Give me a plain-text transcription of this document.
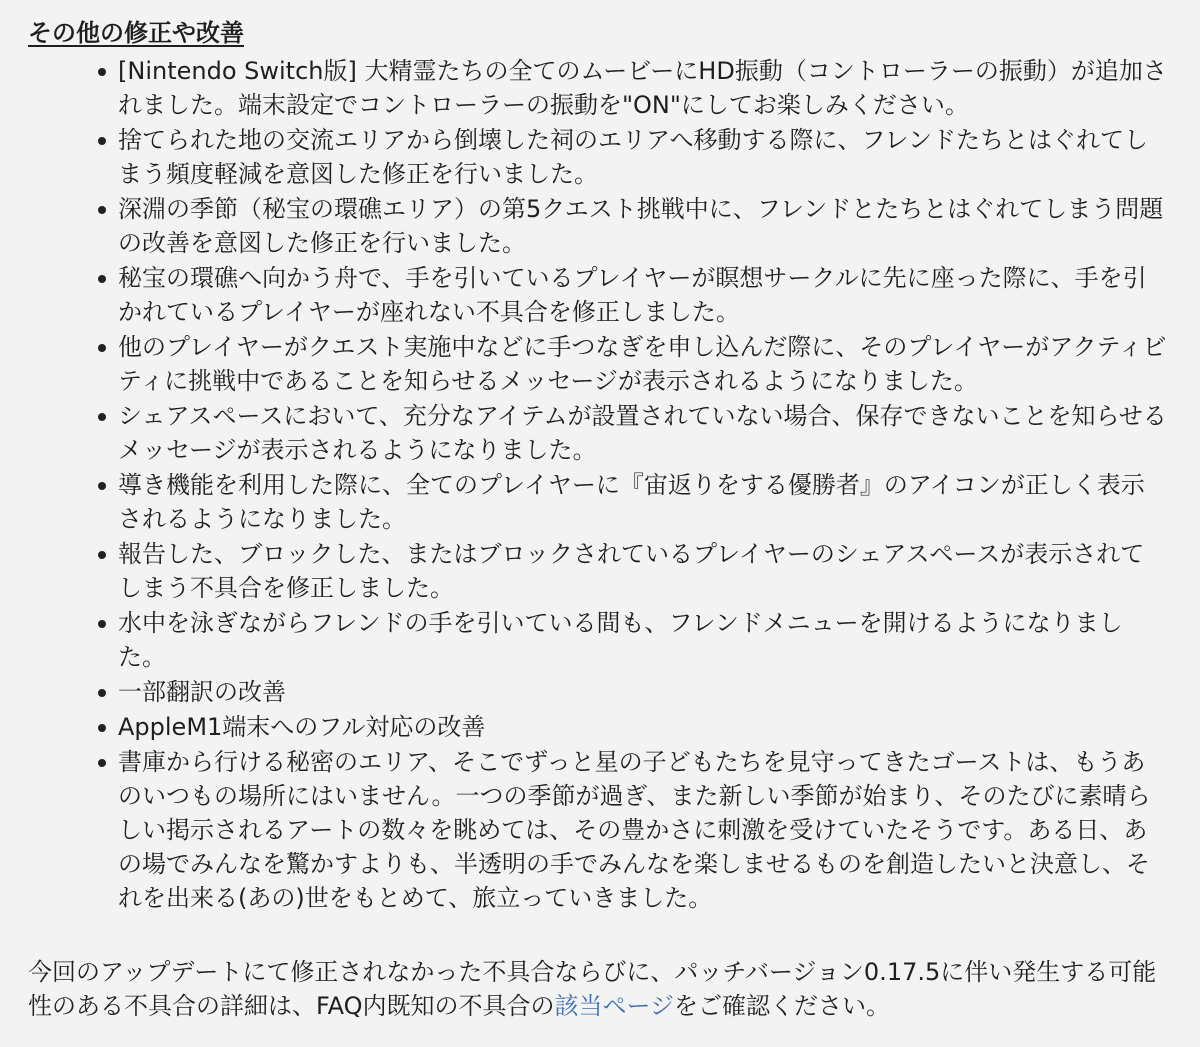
その他の修正や改善
[Nintendo Switch版] 大精霊たちの全てのムービーにHD振動（コントローラーの振動）が追加されました。端末設定でコントローラーの振動を"ON"にしてお楽しみください。
捨てられた地の交流エリアから倒壊した祠のエリアへ移動する際に、フレンドたちとはぐれてしまう頻度軽減を意図した修正を行いました。
深淵の季節（秘宝の環礁エリア）の第5クエスト挑戦中に、フレンドとたちとはぐれてしまう問題の改善を意図した修正を行いました。
秘宝の環礁へ向かう舟で、手を引いているプレイヤーが瞑想サークルに先に座った際に、手を引かれているプレイヤーが座れない不具合を修正しました。
他のプレイヤーがクエスト実施中などに手つなぎを申し込んだ際に、そのプレイヤーがアクティビティに挑戦中であることを知らせるメッセージが表示されるようになりました。
シェアスペースにおいて、充分なアイテムが設置されていない場合、保存できないことを知らせるメッセージが表示されるようになりました。
導き機能を利用した際に、全てのプレイヤーに『宙返りをする優勝者』のアイコンが正しく表示されるようになりました。
報告した、ブロックした、またはブロックされているプレイヤーのシェアスペースが表示されてしまう不具合を修正しました。
水中を泳ぎながらフレンドの手を引いている間も、フレンドメニューを開けるようになりました。
一部翻訳の改善
AppleM1端末へのフル対応の改善
書庫から行ける秘密のエリア、そこでずっと星の子どもたちを見守ってきたゴーストは、もうあのいつもの場所にはいません。一つの季節が過ぎ、また新しい季節が始まり、そのたびに素晴らしい掲示されるアートの数々を眺めては、その豊かさに刺激を受けていたそうです。ある日、あの場でみんなを驚かすよりも、半透明の手でみんなを楽しませるものを創造したいと決意し、それを出来る(あの)世をもとめて、旅立っていきました。

今回のアップデートにて修正されなかった不具合ならびに、パッチバージョン0.17.5に伴い発生する可能性のある不具合の詳細は、FAQ内既知の不具合の該当ページをご確認ください。
